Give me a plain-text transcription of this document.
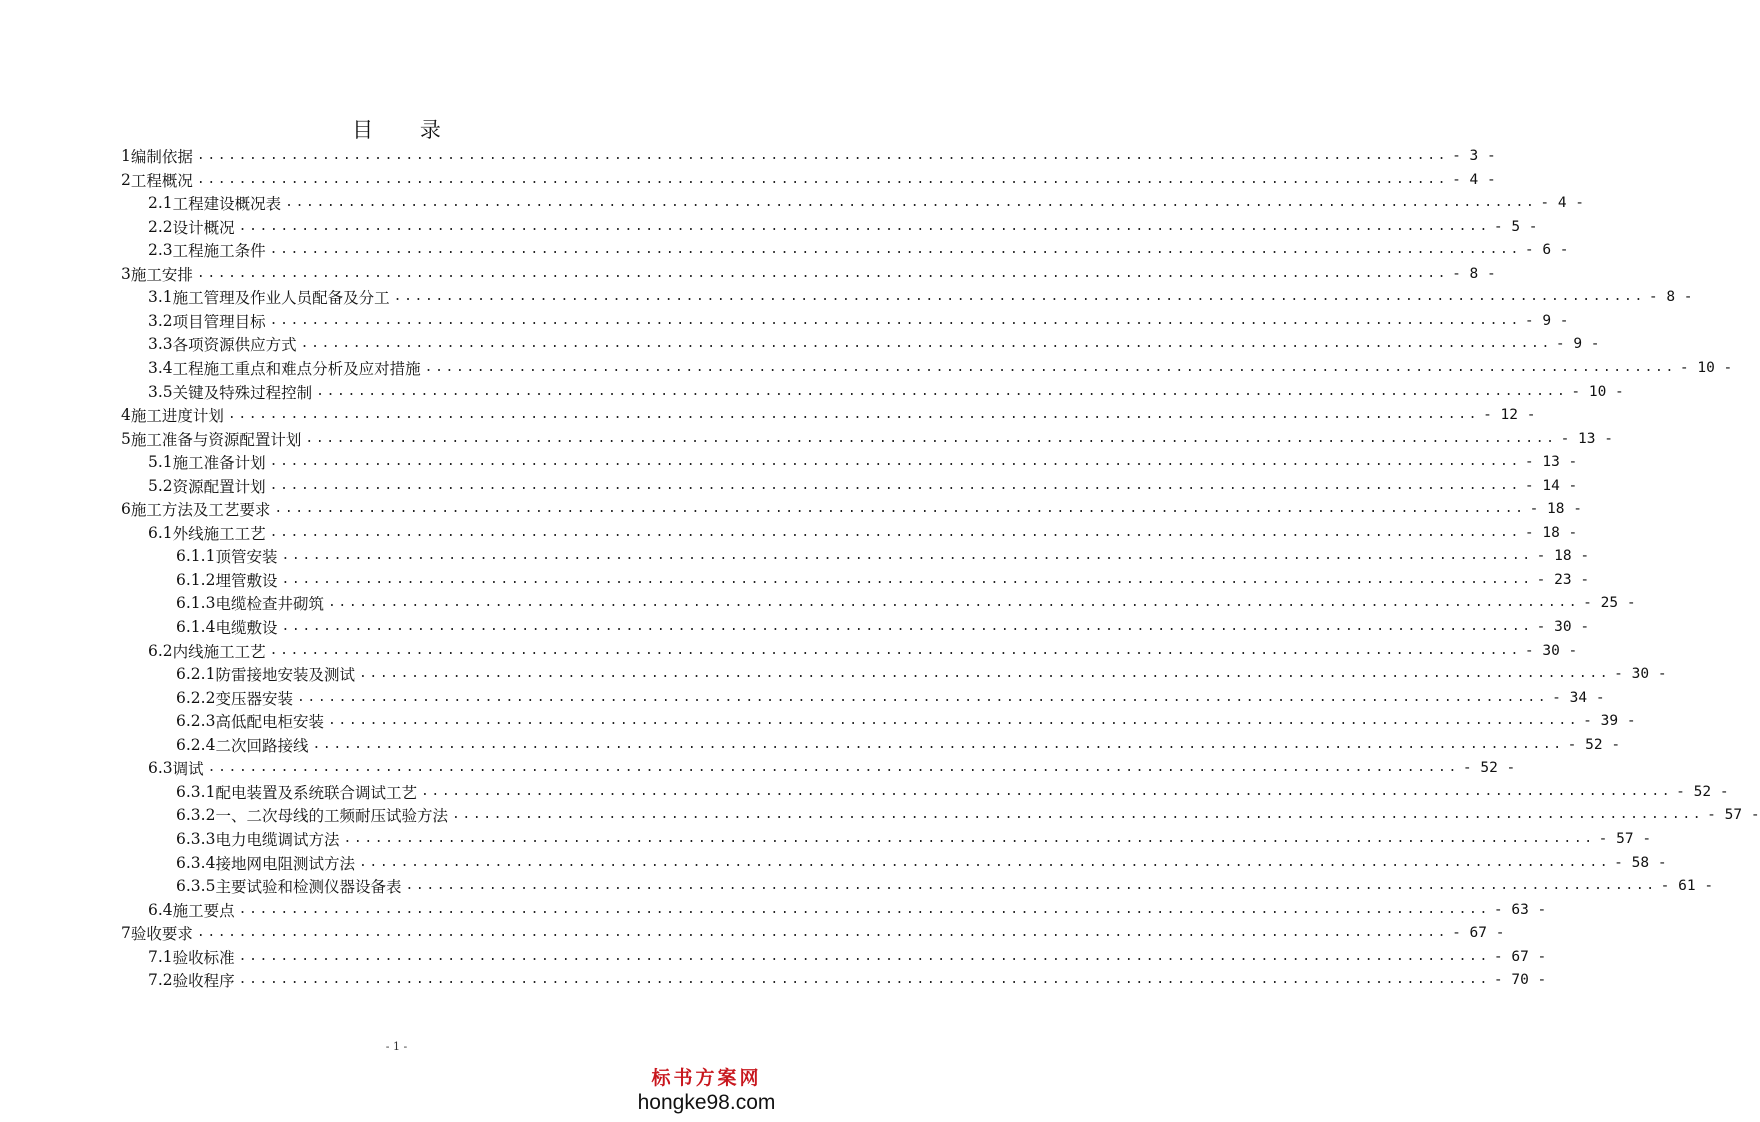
目 录
1 编制依据 ........................................................................................................................ - 3 -
2 工程概况 ........................................................................................................................ - 4 -
2.1 工程建设概况表 ........................................................................................................................ - 4 -
2.2 设计概况 ........................................................................................................................ - 5 -
2.3 工程施工条件 ........................................................................................................................ - 6 -
3 施工安排 ........................................................................................................................ - 8 -
3.1 施工管理及作业人员配备及分工 ........................................................................................................................ - 8 -
3.2 项目管理目标 ........................................................................................................................ - 9 -
3.3 各项资源供应方式 ........................................................................................................................ - 9 -
3.4 工程施工重点和难点分析及应对措施 ........................................................................................................................ - 10 -
3.5 关键及特殊过程控制 ........................................................................................................................ - 10 -
4 施工进度计划 ........................................................................................................................ - 12 -
5 施工准备与资源配置计划 ........................................................................................................................ - 13 -
5.1 施工准备计划 ........................................................................................................................ - 13 -
5.2 资源配置计划 ........................................................................................................................ - 14 -
6 施工方法及工艺要求 ........................................................................................................................ - 18 -
6.1 外线施工工艺 ........................................................................................................................ - 18 -
6.1.1 顶管安装 ........................................................................................................................ - 18 -
6.1.2 埋管敷设 ........................................................................................................................ - 23 -
6.1.3 电缆检查井砌筑 ........................................................................................................................ - 25 -
6.1.4 电缆敷设 ........................................................................................................................ - 30 -
6.2 内线施工工艺 ........................................................................................................................ - 30 -
6.2.1 防雷接地安装及测试 ........................................................................................................................ - 30 -
6.2.2 变压器安装 ........................................................................................................................ - 34 -
6.2.3 高低配电柜安装 ........................................................................................................................ - 39 -
6.2.4 二次回路接线 ........................................................................................................................ - 52 -
6.3 调试 ........................................................................................................................ - 52 -
6.3.1 配电装置及系统联合调试工艺 ........................................................................................................................ - 52 -
6.3.2 一、二次母线的工频耐压试验方法 ........................................................................................................................ - 57 -
6.3.3 电力电缆调试方法 ........................................................................................................................ - 57 -
6.3.4 接地网电阻测试方法 ........................................................................................................................ - 58 -
6.3.5 主要试验和检测仪器设备表 ........................................................................................................................ - 61 -
6.4 施工要点 ........................................................................................................................ - 63 -
7 验收要求 ........................................................................................................................ - 67 -
7.1 验收标准 ........................................................................................................................ - 67 -
7.2 验收程序 ........................................................................................................................ - 70 -
- 1 -
标书方案网
hongke98.com
